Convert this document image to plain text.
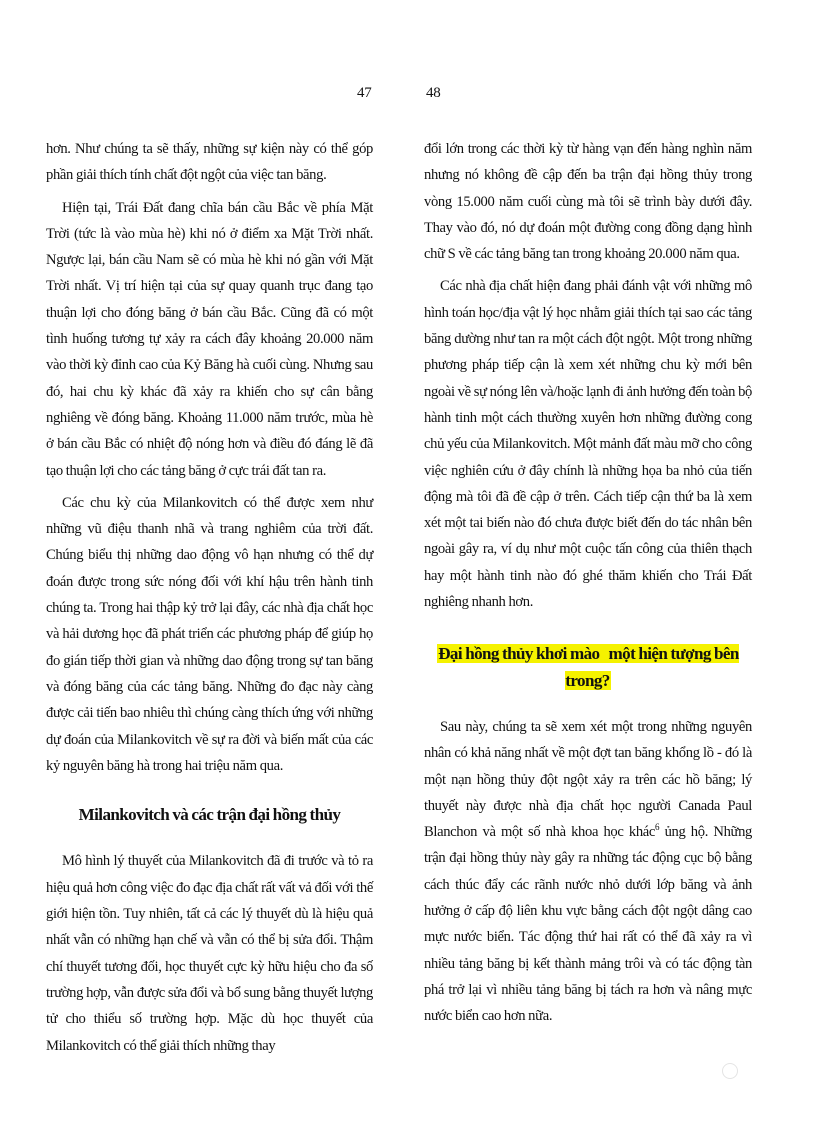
47	48

hơn. Như chúng ta sẽ thấy, những sự kiện này có thể góp phần giải thích tính chất đột ngột của việc tan băng.

Hiện tại, Trái Đất đang chĩa bán cầu Bắc về phía Mặt Trời (tức là vào mùa hè) khi nó ở điểm xa Mặt Trời nhất. Ngược lại, bán cầu Nam sẽ có mùa hè khi nó gần với Mặt Trời nhất. Vị trí hiện tại của sự quay quanh trục đang tạo thuận lợi cho đóng băng ở bán cầu Bắc. Cũng đã có một tình huống tương tự xảy ra cách đây khoảng 20.000 năm vào thời kỳ đỉnh cao của Kỷ Băng hà cuối cùng. Nhưng sau đó, hai chu kỳ khác đã xảy ra khiến cho sự cân bằng nghiêng về đóng băng. Khoảng 11.000 năm trước, mùa hè ở bán cầu Bắc có nhiệt độ nóng hơn và điều đó đáng lẽ đã tạo thuận lợi cho các tảng băng ở cực trái đất tan ra.

Các chu kỳ của Milankovitch có thể được xem như những vũ điệu thanh nhã và trang nghiêm của trời đất. Chúng biểu thị những dao động vô hạn nhưng có thể dự đoán được trong sức nóng đối với khí hậu trên hành tinh chúng ta. Trong hai thập kỷ trở lại đây, các nhà địa chất học và hải dương học đã phát triển các phương pháp để giúp họ đo gián tiếp thời gian và những dao động trong sự tan băng và đóng băng của các tảng băng. Những đo đạc này càng được cải tiến bao nhiêu thì chúng càng thích ứng với những dự đoán của Milankovitch về sự ra đời và biến mất của các kỷ nguyên băng hà trong hai triệu năm qua.

Milankovitch và các trận đại hồng thủy

Mô hình lý thuyết của Milankovitch đã đi trước và tỏ ra hiệu quả hơn công việc đo đạc địa chất rất vất vả đối với thế giới hiện tồn. Tuy nhiên, tất cả các lý thuyết dù là hiệu quả nhất vẫn có những hạn chế và vẫn có thể bị sửa đổi. Thậm chí thuyết tương đối, học thuyết cực kỳ hữu hiệu cho đa số trường hợp, vẫn được sửa đổi và bổ sung bằng thuyết lượng tử cho thiểu số trường hợp. Mặc dù học thuyết của Milankovitch có thể giải thích những thay

đổi lớn trong các thời kỳ từ hàng vạn đến hàng nghìn năm nhưng nó không đề cập đến ba trận đại hồng thủy trong vòng 15.000 năm cuối cùng mà tôi sẽ trình bày dưới đây. Thay vào đó, nó dự đoán một đường cong đồng dạng hình chữ S về các tảng băng tan trong khoảng 20.000 năm qua.

Các nhà địa chất hiện đang phải đánh vật với những mô hình toán học/địa vật lý học nhằm giải thích tại sao các tảng băng dường như tan ra một cách đột ngột. Một trong những phương pháp tiếp cận là xem xét những chu kỳ mới bên ngoài về sự nóng lên và/hoặc lạnh đi ảnh hưởng đến toàn bộ hành tinh một cách thường xuyên hơn những đường cong chủ yếu của Milankovitch. Một mảnh đất màu mỡ cho công việc nghiên cứu ở đây chính là những họa ba nhỏ của tiến động mà tôi đã đề cập ở trên. Cách tiếp cận thứ ba là xem xét một tai biến nào đó chưa được biết đến do tác nhân bên ngoài gây ra, ví dụ như một cuộc tấn công của thiên thạch hay một hành tinh nào đó ghé thăm khiến cho Trái Đất nghiêng nhanh hơn.

Đại hồng thủy khơi mào một hiện tượng bên trong?

Sau này, chúng ta sẽ xem xét một trong những nguyên nhân có khả năng nhất về một đợt tan băng khổng lồ - đó là một nạn hồng thủy đột ngột xảy ra trên các hồ băng; lý thuyết này được nhà địa chất học người Canada Paul Blanchon và một số nhà khoa học khác$^6$ ủng hộ. Những trận đại hồng thủy này gây ra những tác động cục bộ bằng cách thúc đẩy các rãnh nước nhỏ dưới lớp băng và ảnh hưởng ở cấp độ liên khu vực bằng cách đột ngột dâng cao mực nước biển. Tác động thứ hai rất có thể đã xảy ra vì nhiều tảng băng bị kết thành mảng trôi và có tác động tàn phá trở lại vì nhiều tảng băng bị tách ra hơn và nâng mực nước biển cao hơn nữa.
